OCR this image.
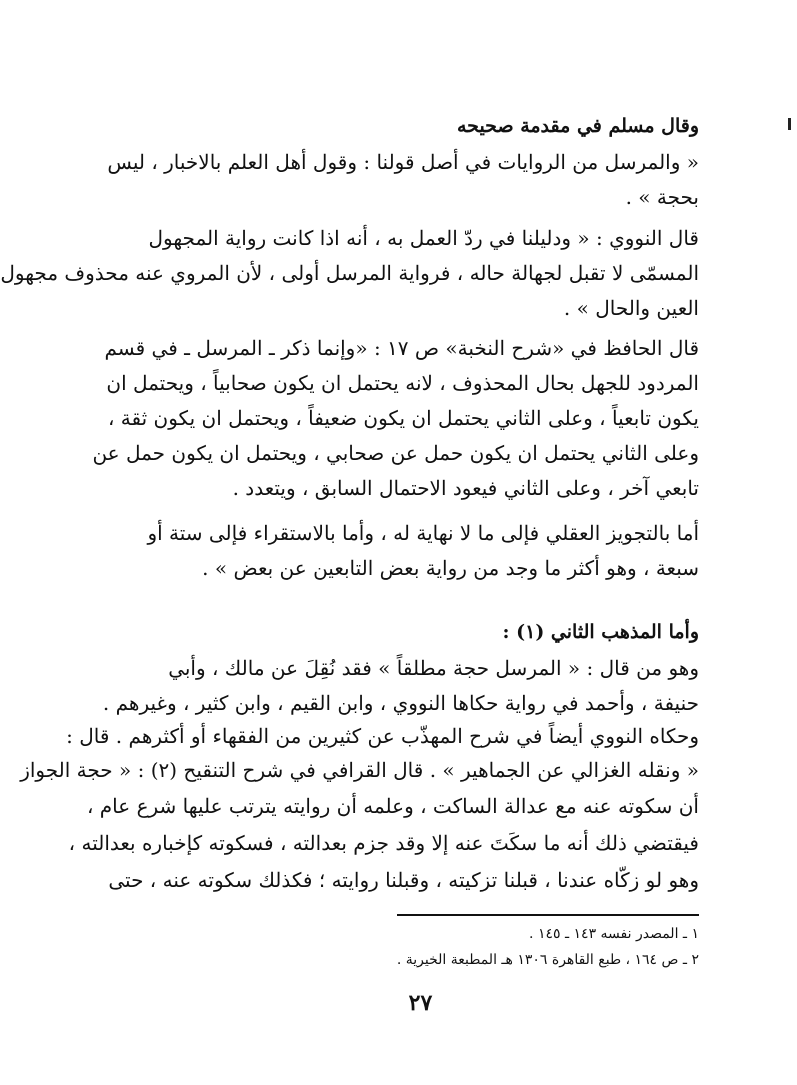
وقال مسلم في مقدمة صحيحه
« والمرسل من الروايات في أصل قولنا : وقول أهل العلم بالاخبار ، ليس
بحجة » .
قال النووي : « ودليلنا في ردّ العمل به ، أنه اذا كانت رواية المجهول
المسمّى لا تقبل لجهالة حاله ، فرواية المرسل أولى ، لأن المروي عنه محذوف مجهول
العين والحال » .
قال الحافظ في «شرح النخبة» ص ١٧ : «وإنما ذكر ـ المرسل ـ في قسم
المردود للجهل بحال المحذوف ، لانه يحتمل ان يكون صحابياً ، ويحتمل ان
يكون تابعياً ، وعلى الثاني يحتمل ان يكون ضعيفاً ، ويحتمل ان يكون ثقة ،
وعلى الثاني يحتمل ان يكون حمل عن صحابي ، ويحتمل ان يكون حمل عن
تابعي آخر ، وعلى الثاني فيعود الاحتمال السابق ، ويتعدد .
أما بالتجويز العقلي فإلى ما لا نهاية له ، وأما بالاستقراء فإلى ستة أو
سبعة ، وهو أكثر ما وجد من رواية بعض التابعين عن بعض » .
وأما المذهب الثاني (١) :
وهو من قال : « المرسل حجة مطلقاً » فقد نُقِلَ عن مالك ، وأبي
حنيفة ، وأحمد في رواية حكاها النووي ، وابن القيم ، وابن كثير ، وغيرهم .
وحكاه النووي أيضاً في شرح المهذّب عن كثيرين من الفقهاء أو أكثرهم . قال :
« ونقله الغزالي عن الجماهير » . قال القرافي في شرح التنقيح (٢) : « حجة الجواز
أن سكوته عنه مع عدالة الساكت ، وعلمه أن روايته يترتب عليها شرع عام ،
فيقتضي ذلك أنه ما سكَتَ عنه إلا وقد جزم بعدالته ، فسكوته كإخباره بعدالته ،
وهو لو زكّاه عندنا ، قبلنا تزكيته ، وقبلنا روايته ؛ فكذلك سكوته عنه ، حتى
١ ـ المصدر نفسه ١٤٣ ـ ١٤٥ .
٢ ـ ص ١٦٤ ، طبع القاهرة ١٣٠٦ هـ المطبعة الخيرية .
٢٧
